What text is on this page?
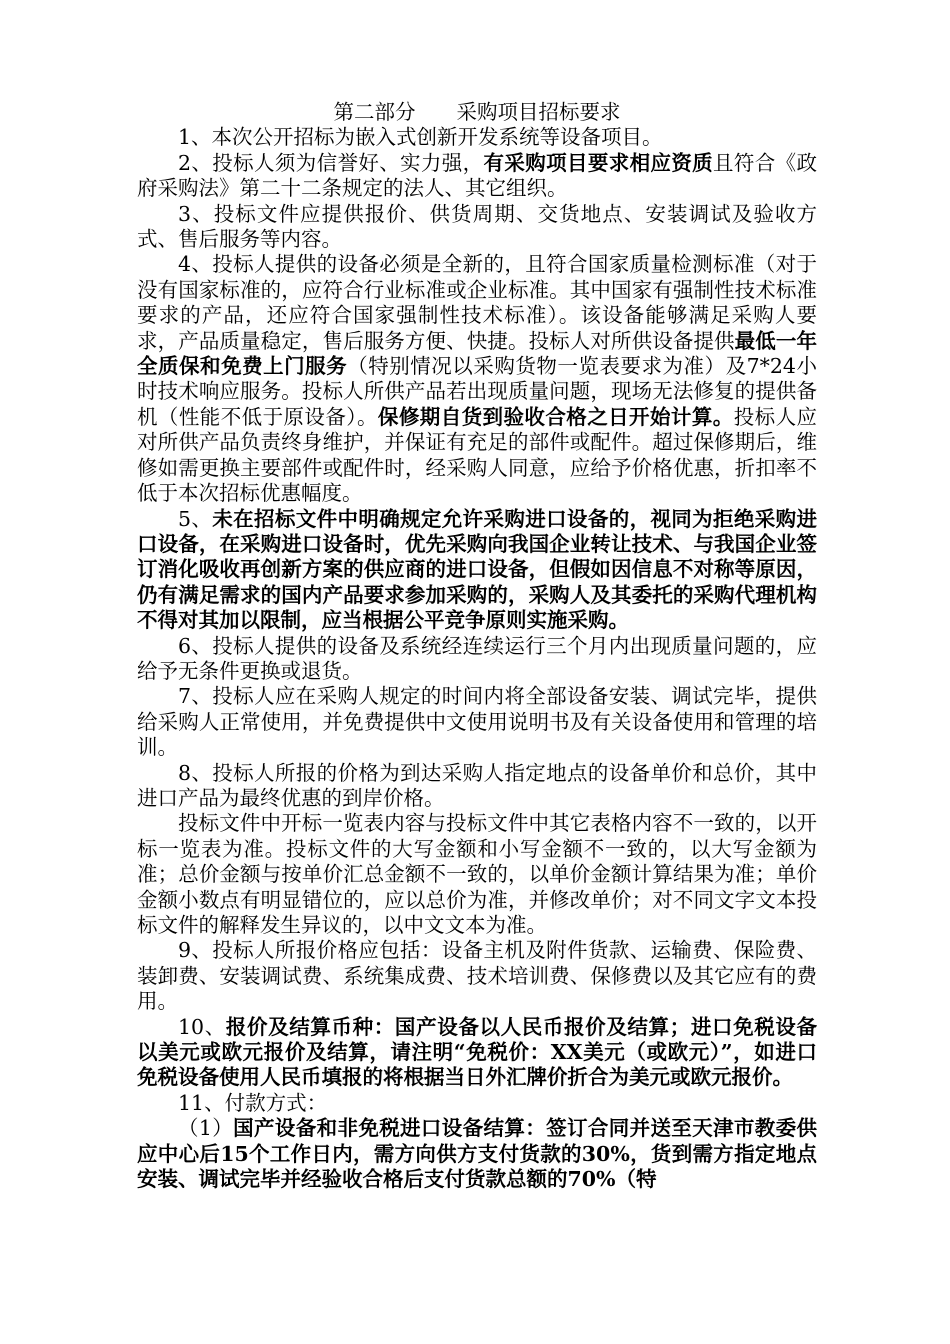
第二部分　　采购项目招标要求

1、本次公开招标为嵌入式创新开发系统等设备项目。

2、投标人须为信誉好、实力强，有采购项目要求相应资质且符合《政府采购法》第二十二条规定的法人、其它组织。

3、投标文件应提供报价、供货周期、交货地点、安装调试及验收方式、售后服务等内容。

4、投标人提供的设备必须是全新的，且符合国家质量检测标准（对于没有国家标准的，应符合行业标准或企业标准。其中国家有强制性技术标准要求的产品，还应符合国家强制性技术标准）。该设备能够满足采购人要求，产品质量稳定，售后服务方便、快捷。投标人对所供设备提供最低一年全质保和免费上门服务（特别情况以采购货物一览表要求为准）及7*24小时技术响应服务。投标人所供产品若出现质量问题，现场无法修复的提供备机（性能不低于原设备）。保修期自货到验收合格之日开始计算。投标人应对所供产品负责终身维护，并保证有充足的部件或配件。超过保修期后，维修如需更换主要部件或配件时，经采购人同意，应给予价格优惠，折扣率不低于本次招标优惠幅度。

5、未在招标文件中明确规定允许采购进口设备的，视同为拒绝采购进口设备，在采购进口设备时，优先采购向我国企业转让技术、与我国企业签订消化吸收再创新方案的供应商的进口设备，但假如因信息不对称等原因，仍有满足需求的国内产品要求参加采购的，采购人及其委托的采购代理机构不得对其加以限制，应当根据公平竞争原则实施采购。

6、投标人提供的设备及系统经连续运行三个月内出现质量问题的，应给予无条件更换或退货。

7、投标人应在采购人规定的时间内将全部设备安装、调试完毕，提供给采购人正常使用，并免费提供中文使用说明书及有关设备使用和管理的培训。

8、投标人所报的价格为到达采购人指定地点的设备单价和总价，其中进口产品为最终优惠的到岸价格。

投标文件中开标一览表内容与投标文件中其它表格内容不一致的，以开标一览表为准。投标文件的大写金额和小写金额不一致的，以大写金额为准；总价金额与按单价汇总金额不一致的，以单价金额计算结果为准；单价金额小数点有明显错位的，应以总价为准，并修改单价；对不同文字文本投标文件的解释发生异议的，以中文文本为准。

9、投标人所报价格应包括：设备主机及附件货款、运输费、保险费、装卸费、安装调试费、系统集成费、技术培训费、保修费以及其它应有的费用。

10、报价及结算币种：国产设备以人民币报价及结算；进口免税设备以美元或欧元报价及结算，请注明“免税价：XX美元（或欧元）”，如进口免税设备使用人民币填报的将根据当日外汇牌价折合为美元或欧元报价。

11、付款方式：

（1）国产设备和非免税进口设备结算：签订合同并送至天津市教委供应中心后15个工作日内，需方向供方支付货款的30%，货到需方指定地点安装、调试完毕并经验收合格后支付货款总额的70%（特
